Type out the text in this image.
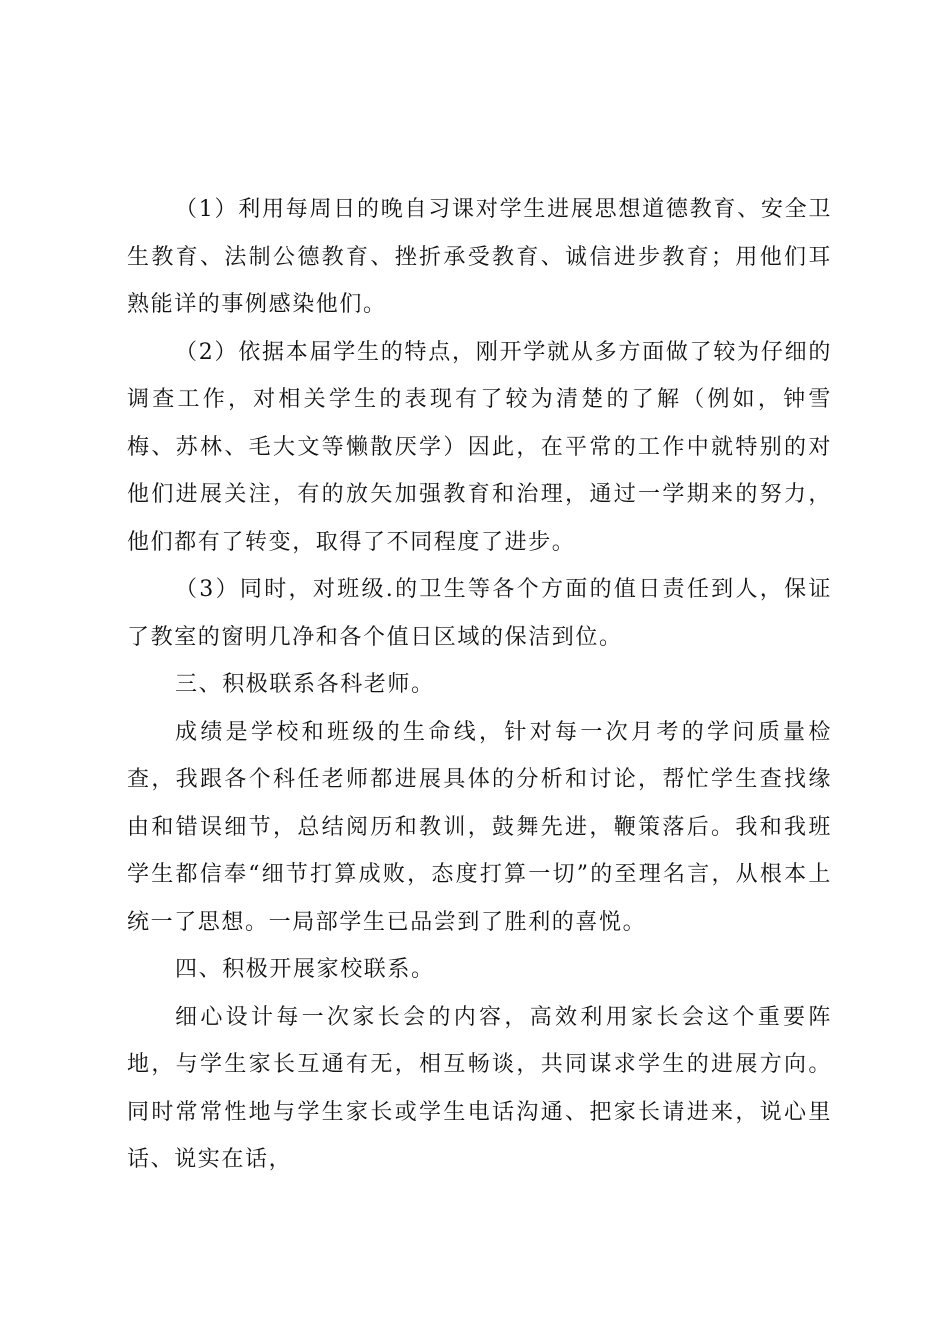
（1）利用每周日的晚自习课对学生进展思想道德教育、安全卫生教育、法制公德教育、挫折承受教育、诚信进步教育；用他们耳熟能详的事例感染他们。

（2）依据本届学生的特点，刚开学就从多方面做了较为仔细的调查工作，对相关学生的表现有了较为清楚的了解（例如，钟雪梅、苏林、毛大文等懒散厌学）因此，在平常的工作中就特别的对他们进展关注，有的放矢加强教育和治理，通过一学期来的努力，他们都有了转变，取得了不同程度了进步。

（3）同时，对班级.的卫生等各个方面的值日责任到人，保证了教室的窗明几净和各个值日区域的保洁到位。

三、积极联系各科老师。

成绩是学校和班级的生命线，针对每一次月考的学问质量检查，我跟各个科任老师都进展具体的分析和讨论，帮忙学生查找缘由和错误细节，总结阅历和教训，鼓舞先进，鞭策落后。我和我班学生都信奉“细节打算成败，态度打算一切”的至理名言，从根本上统一了思想。一局部学生已品尝到了胜利的喜悦。

四、积极开展家校联系。

细心设计每一次家长会的内容，高效利用家长会这个重要阵地，与学生家长互通有无，相互畅谈，共同谋求学生的进展方向。同时常常性地与学生家长或学生电话沟通、把家长请进来，说心里话、说实在话，
